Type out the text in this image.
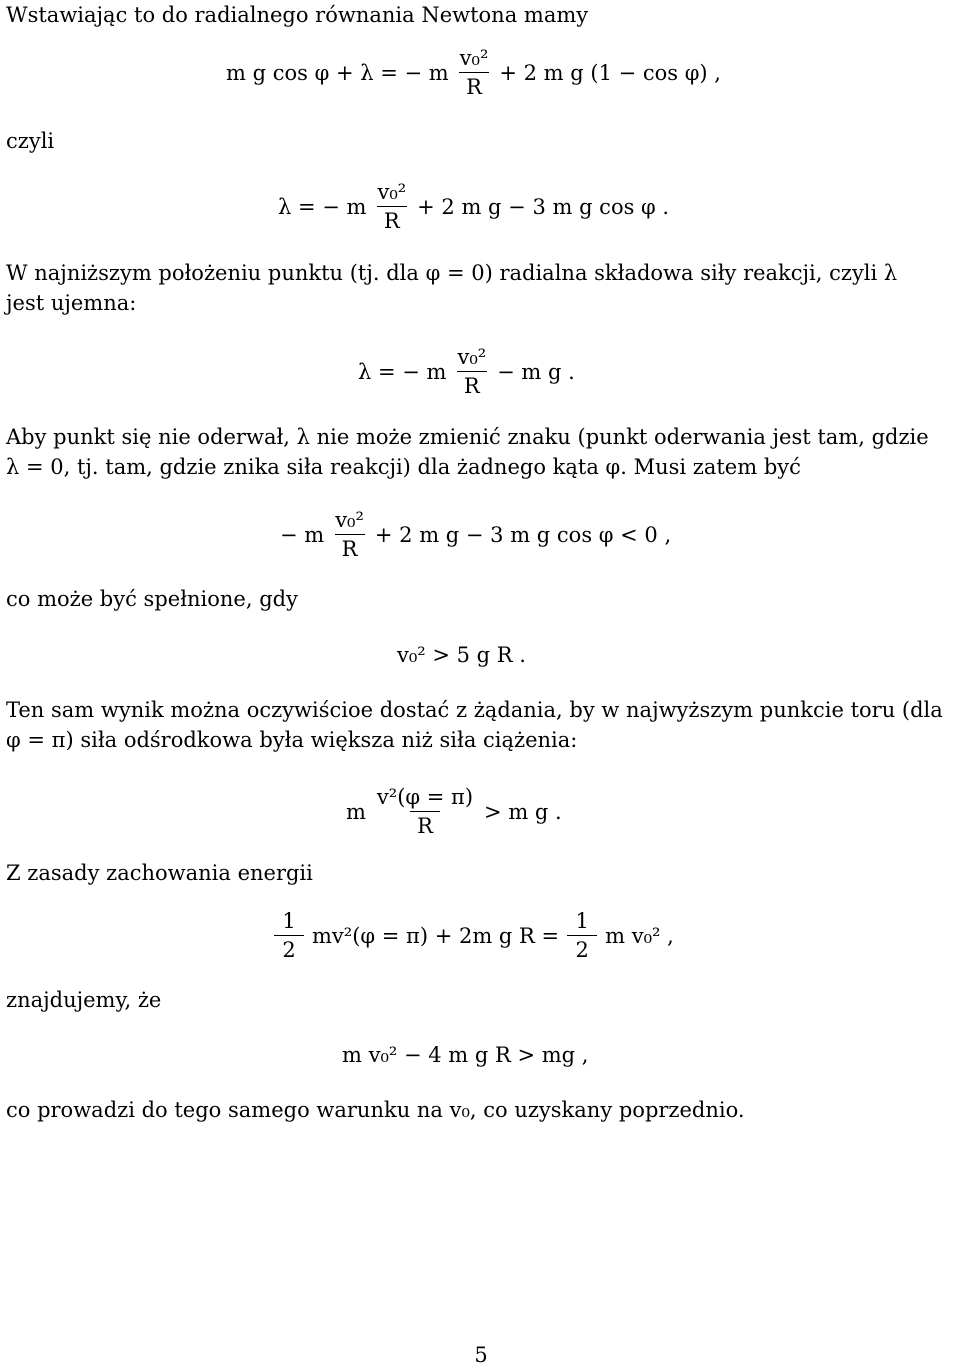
Wstawiając to do radialnego równania Newtona mamy

m g cos φ + λ = − m $\frac{\text{v₀²}}{R} + 2$ m g (1 − cos φ) ,

czyli

λ = − m $\frac{\text{v₀²}}{R} + 2$ m g − 3 m g cos φ .

W najniższym położeniu punktu (tj. dla φ = 0) radialna składowa siły reakcji, czyli λ
jest ujemna:

λ = − m $\frac{\text{v₀²}}{R} - m$ g .

Aby punkt się nie oderwał, λ nie może zmienić znaku (punkt oderwania jest tam, gdzie
λ = 0, tj. tam, gdzie znika siła reakcji) dla żadnego kąta φ. Musi zatem być

− m $\frac{\text{v₀²}}{R} + 2$ m g − 3 m g cos φ < 0 ,

co może być spełnione, gdy

v₀² > 5 g R .

Ten sam wynik można oczywiściоe dostać z żądania, by w najwyższym punkcie toru (dla
φ = π) siła odśrodkowa była większa niż siła ciążenia:

m $\frac{\text{v²(φ = π)}}{R} > m$ g .

Z zasady zachowania energii

$\frac{1}{2} mv^2(\varphi = \pi) + 2m$ g $R = \frac{1}{2}$ m v₀² ,

znajdujemy, że

m v₀² − 4 m g R > mg ,

co prowadzi do tego samego warunku na v₀, co uzyskany poprzednio.

5
